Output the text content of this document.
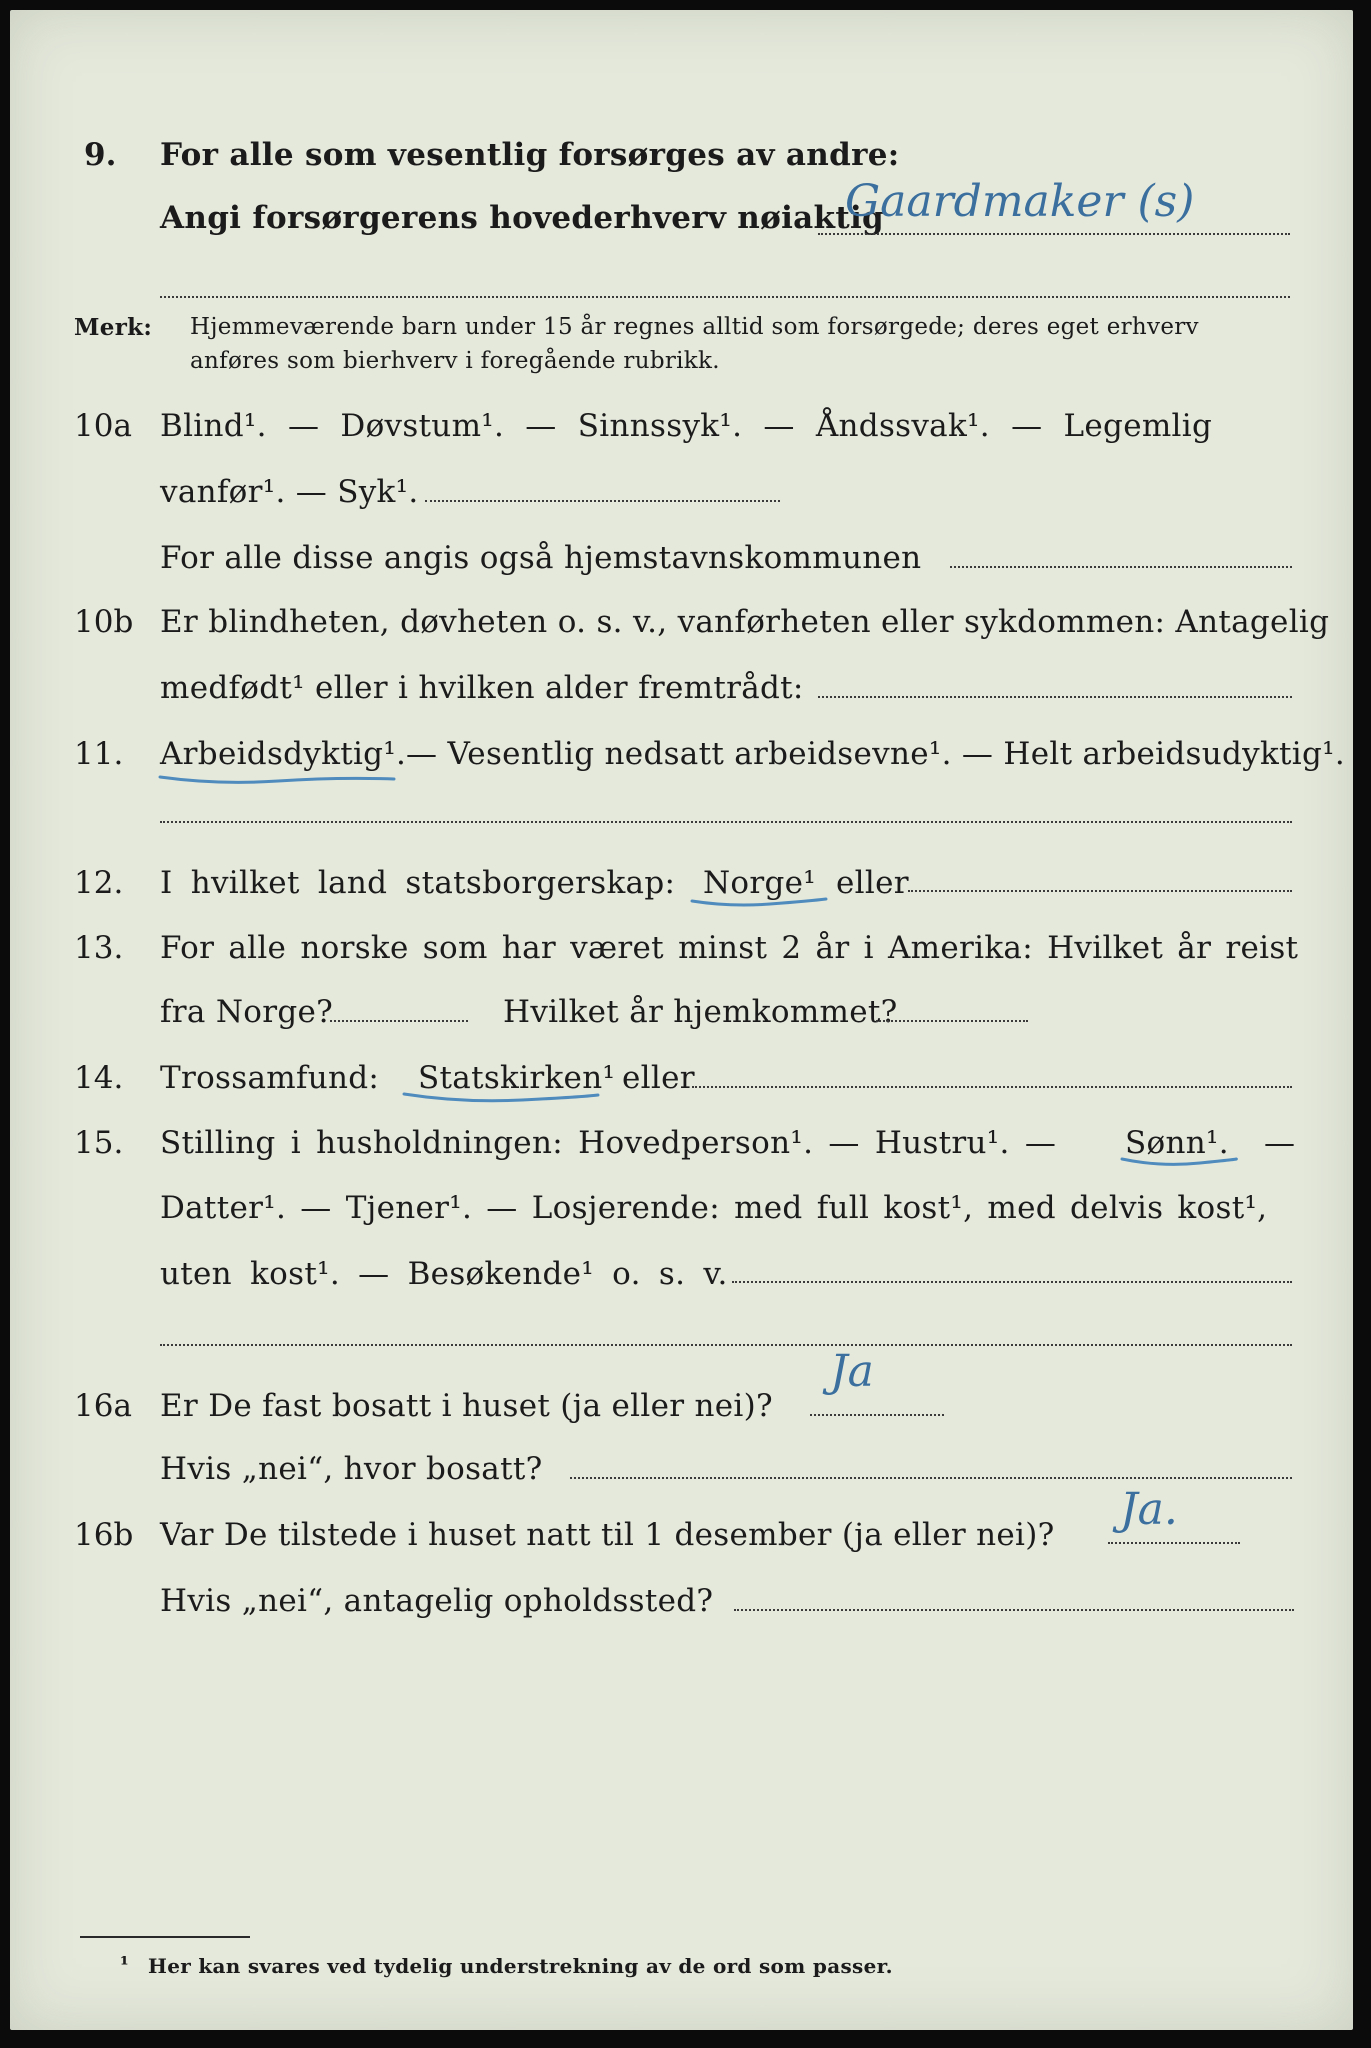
9. For alle som vesentlig forsørges av andre:
Angi forsørgerens hovederhverv nøiaktig
Gaardmaker (s)
Merk: Hjemmeværende barn under 15 år regnes alltid som forsørgede; deres eget erhverv
anføres som bierhverv i foregående rubrikk.
10a Blind¹. — Døvstum¹. — Sinnssyk¹. — Åndssvak¹. — Legemlig
vanfør¹. — Syk¹.
For alle disse angis også hjemstavnskommunen
10b Er blindheten, døvheten o. s. v., vanførheten eller sykdommen: Antagelig
medfødt¹ eller i hvilken alder fremtrådt:
11. Arbeidsdyktig¹. — Vesentlig nedsatt arbeidsevne¹. — Helt arbeidsudyktig¹.
12. I hvilket land statsborgerskap: Norge¹ eller
13. For alle norske som har været minst 2 år i Amerika: Hvilket år reist
fra Norge?	Hvilket år hjemkommet?
14. Trossamfund: Statskirken¹ eller
15. Stilling i husholdningen: Hovedperson¹. — Hustru¹. — Sønn¹. —
Datter¹. — Tjener¹. — Losjerende: med full kost¹, med delvis kost¹,
uten kost¹. — Besøkende¹ o. s. v.
16a Er De fast bosatt i huset (ja eller nei)?
Ja
Hvis „nei“, hvor bosatt?
16b Var De tilstede i huset natt til 1 desember (ja eller nei)? Ja.
Hvis „nei“, antagelig opholdssted?
¹ Her kan svares ved tydelig understrekning av de ord som passer.
